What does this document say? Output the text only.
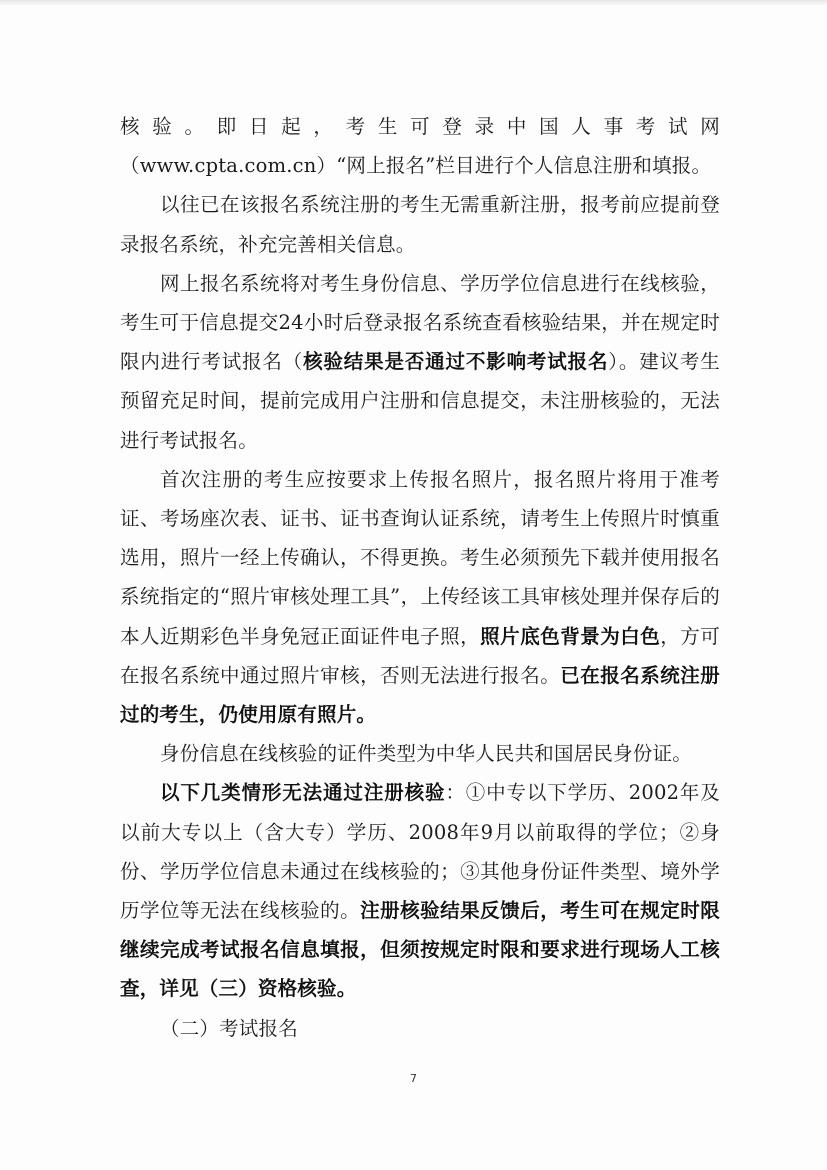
核验。即日起，考生可登录中国人事考试网（www.cpta.com.cn）“网上报名”栏目进行个人信息注册和填报。

以往已在该报名系统注册的考生无需重新注册，报考前应提前登录报名系统，补充完善相关信息。

网上报名系统将对考生身份信息、学历学位信息进行在线核验，考生可于信息提交24小时后登录报名系统查看核验结果，并在规定时限内进行考试报名（核验结果是否通过不影响考试报名）。建议考生预留充足时间，提前完成用户注册和信息提交，未注册核验的，无法进行考试报名。

首次注册的考生应按要求上传报名照片，报名照片将用于准考证、考场座次表、证书、证书查询认证系统，请考生上传照片时慎重选用，照片一经上传确认，不得更换。考生必须预先下载并使用报名系统指定的“照片审核处理工具”，上传经该工具审核处理并保存后的本人近期彩色半身免冠正面证件电子照，照片底色背景为白色，方可在报名系统中通过照片审核，否则无法进行报名。已在报名系统注册过的考生，仍使用原有照片。

身份信息在线核验的证件类型为中华人民共和国居民身份证。

以下几类情形无法通过注册核验：①中专以下学历、2002年及以前大专以上（含大专）学历、2008年9月以前取得的学位；②身份、学历学位信息未通过在线核验的；③其他身份证件类型、境外学历学位等无法在线核验的。注册核验结果反馈后，考生可在规定时限继续完成考试报名信息填报，但须按规定时限和要求进行现场人工核查，详见（三）资格核验。

（二）考试报名

7
